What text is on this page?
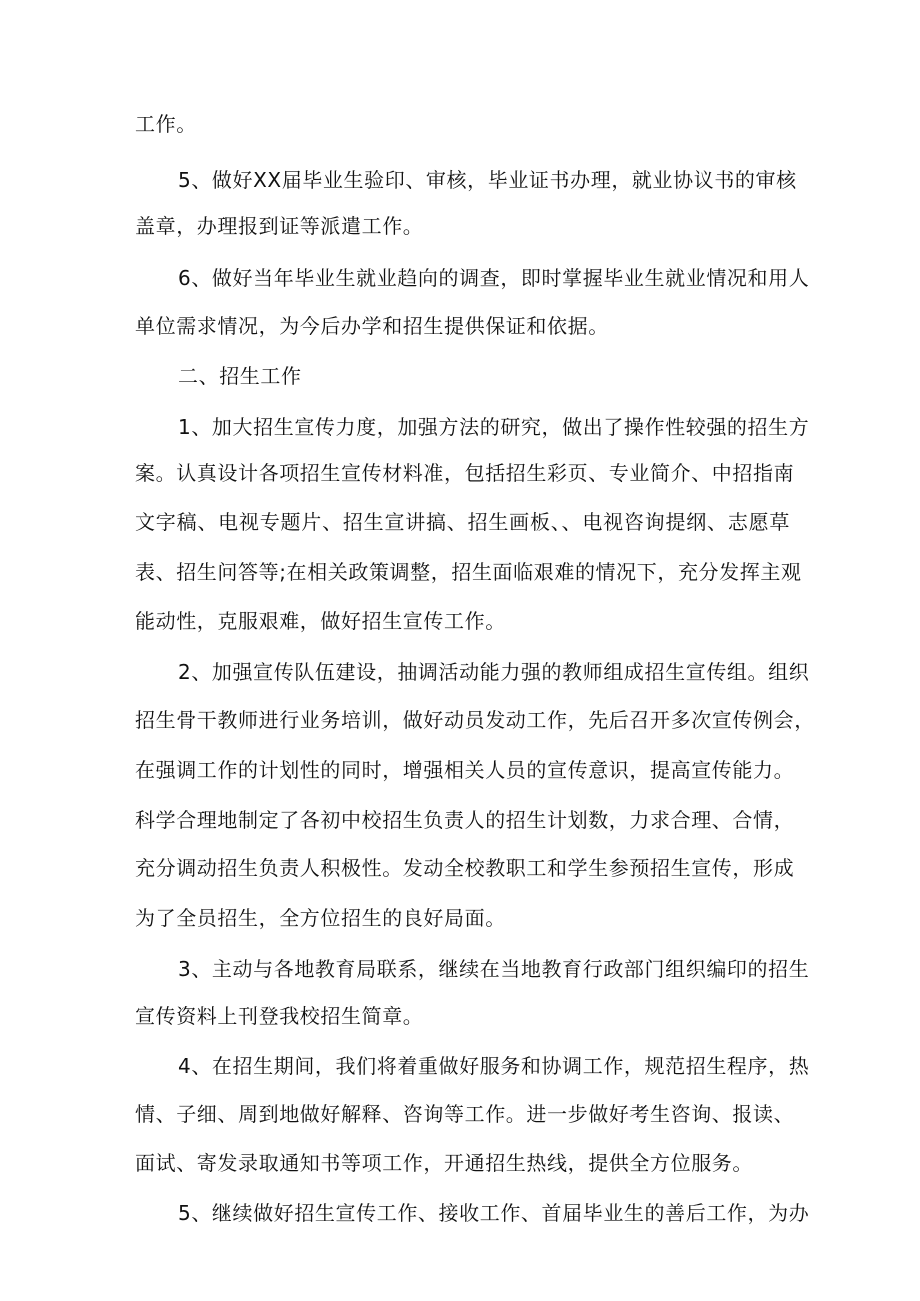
工作。
5、做好XX届毕业生验印、审核，毕业证书办理，就业协议书的审核
盖章，办理报到证等派遣工作。
6、做好当年毕业生就业趋向的调查，即时掌握毕业生就业情况和用人
单位需求情况，为今后办学和招生提供保证和依据。
二、招生工作
1、加大招生宣传力度，加强方法的研究，做出了操作性较强的招生方
案。认真设计各项招生宣传材料准，包括招生彩页、专业简介、中招指南
文字稿、电视专题片、招生宣讲搞、招生画板、、电视咨询提纲、志愿草
表、招生问答等;在相关政策调整，招生面临艰难的情况下，充分发挥主观
能动性，克服艰难，做好招生宣传工作。
2、加强宣传队伍建设，抽调活动能力强的教师组成招生宣传组。组织
招生骨干教师进行业务培训，做好动员发动工作，先后召开多次宣传例会，
在强调工作的计划性的同时，增强相关人员的宣传意识，提高宣传能力。
科学合理地制定了各初中校招生负责人的招生计划数，力求合理、合情，
充分调动招生负责人积极性。发动全校教职工和学生参预招生宣传，形成
为了全员招生，全方位招生的良好局面。
3、主动与各地教育局联系，继续在当地教育行政部门组织编印的招生
宣传资料上刊登我校招生简章。
4、在招生期间，我们将着重做好服务和协调工作，规范招生程序，热
情、子细、周到地做好解释、咨询等工作。进一步做好考生咨询、报读、
面试、寄发录取通知书等项工作，开通招生热线，提供全方位服务。
5、继续做好招生宣传工作、接收工作、首届毕业生的善后工作，为办
